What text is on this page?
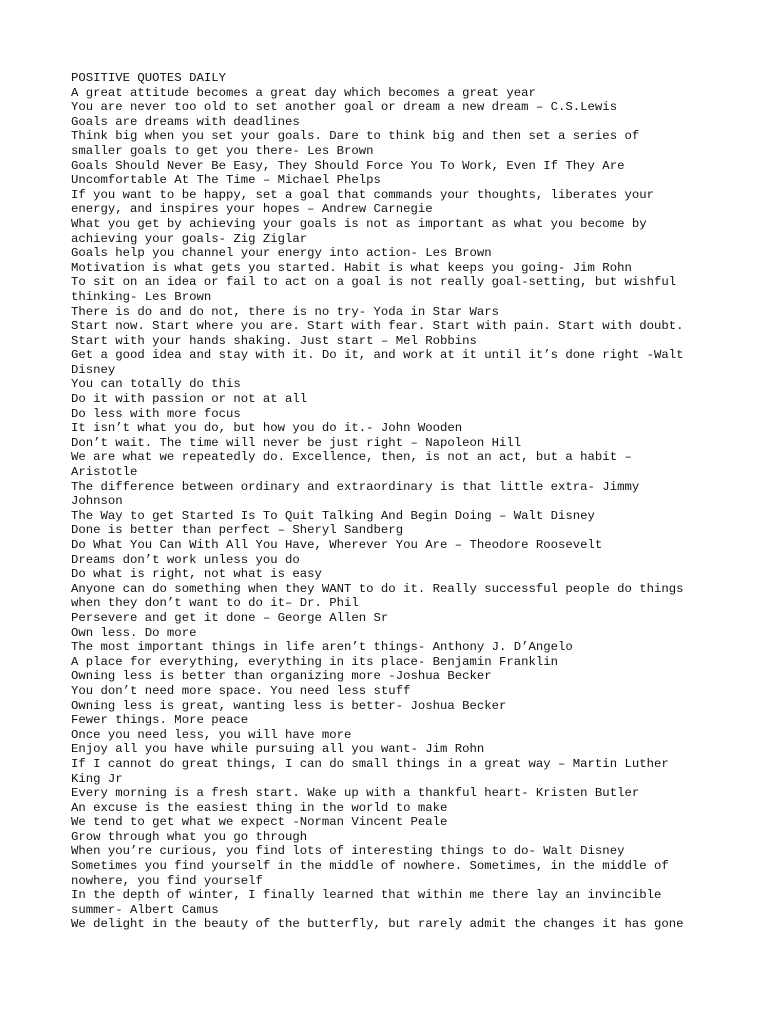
POSITIVE QUOTES DAILY
A great attitude becomes a great day which becomes a great year
You are never too old to set another goal or dream a new dream – C.S.Lewis
Goals are dreams with deadlines
Think big when you set your goals. Dare to think big and then set a series of
smaller goals to get you there- Les Brown
Goals Should Never Be Easy, They Should Force You To Work, Even If They Are
Uncomfortable At The Time – Michael Phelps
If you want to be happy, set a goal that commands your thoughts, liberates your
energy, and inspires your hopes – Andrew Carnegie
What you get by achieving your goals is not as important as what you become by
achieving your goals- Zig Ziglar
Goals help you channel your energy into action- Les Brown
Motivation is what gets you started. Habit is what keeps you going- Jim Rohn
To sit on an idea or fail to act on a goal is not really goal-setting, but wishful
thinking- Les Brown
There is do and do not, there is no try- Yoda in Star Wars
Start now. Start where you are. Start with fear. Start with pain. Start with doubt.
Start with your hands shaking. Just start – Mel Robbins
Get a good idea and stay with it. Do it, and work at it until it’s done right -Walt
Disney
You can totally do this
Do it with passion or not at all
Do less with more focus
It isn’t what you do, but how you do it.- John Wooden
Don’t wait. The time will never be just right – Napoleon Hill
We are what we repeatedly do. Excellence, then, is not an act, but a habit –
Aristotle
The difference between ordinary and extraordinary is that little extra- Jimmy
Johnson
The Way to get Started Is To Quit Talking And Begin Doing – Walt Disney
Done is better than perfect – Sheryl Sandberg
Do What You Can With All You Have, Wherever You Are – Theodore Roosevelt
Dreams don’t work unless you do
Do what is right, not what is easy
Anyone can do something when they WANT to do it. Really successful people do things
when they don’t want to do it– Dr. Phil
Persevere and get it done – George Allen Sr
Own less. Do more
The most important things in life aren’t things- Anthony J. D’Angelo
A place for everything, everything in its place- Benjamin Franklin
Owning less is better than organizing more -Joshua Becker
You don’t need more space. You need less stuff
Owning less is great, wanting less is better- Joshua Becker
Fewer things. More peace
Once you need less, you will have more
Enjoy all you have while pursuing all you want- Jim Rohn
If I cannot do great things, I can do small things in a great way – Martin Luther
King Jr
Every morning is a fresh start. Wake up with a thankful heart- Kristen Butler
An excuse is the easiest thing in the world to make
We tend to get what we expect -Norman Vincent Peale
Grow through what you go through
When you’re curious, you find lots of interesting things to do- Walt Disney
Sometimes you find yourself in the middle of nowhere. Sometimes, in the middle of
nowhere, you find yourself
In the depth of winter, I finally learned that within me there lay an invincible
summer- Albert Camus
We delight in the beauty of the butterfly, but rarely admit the changes it has gone
